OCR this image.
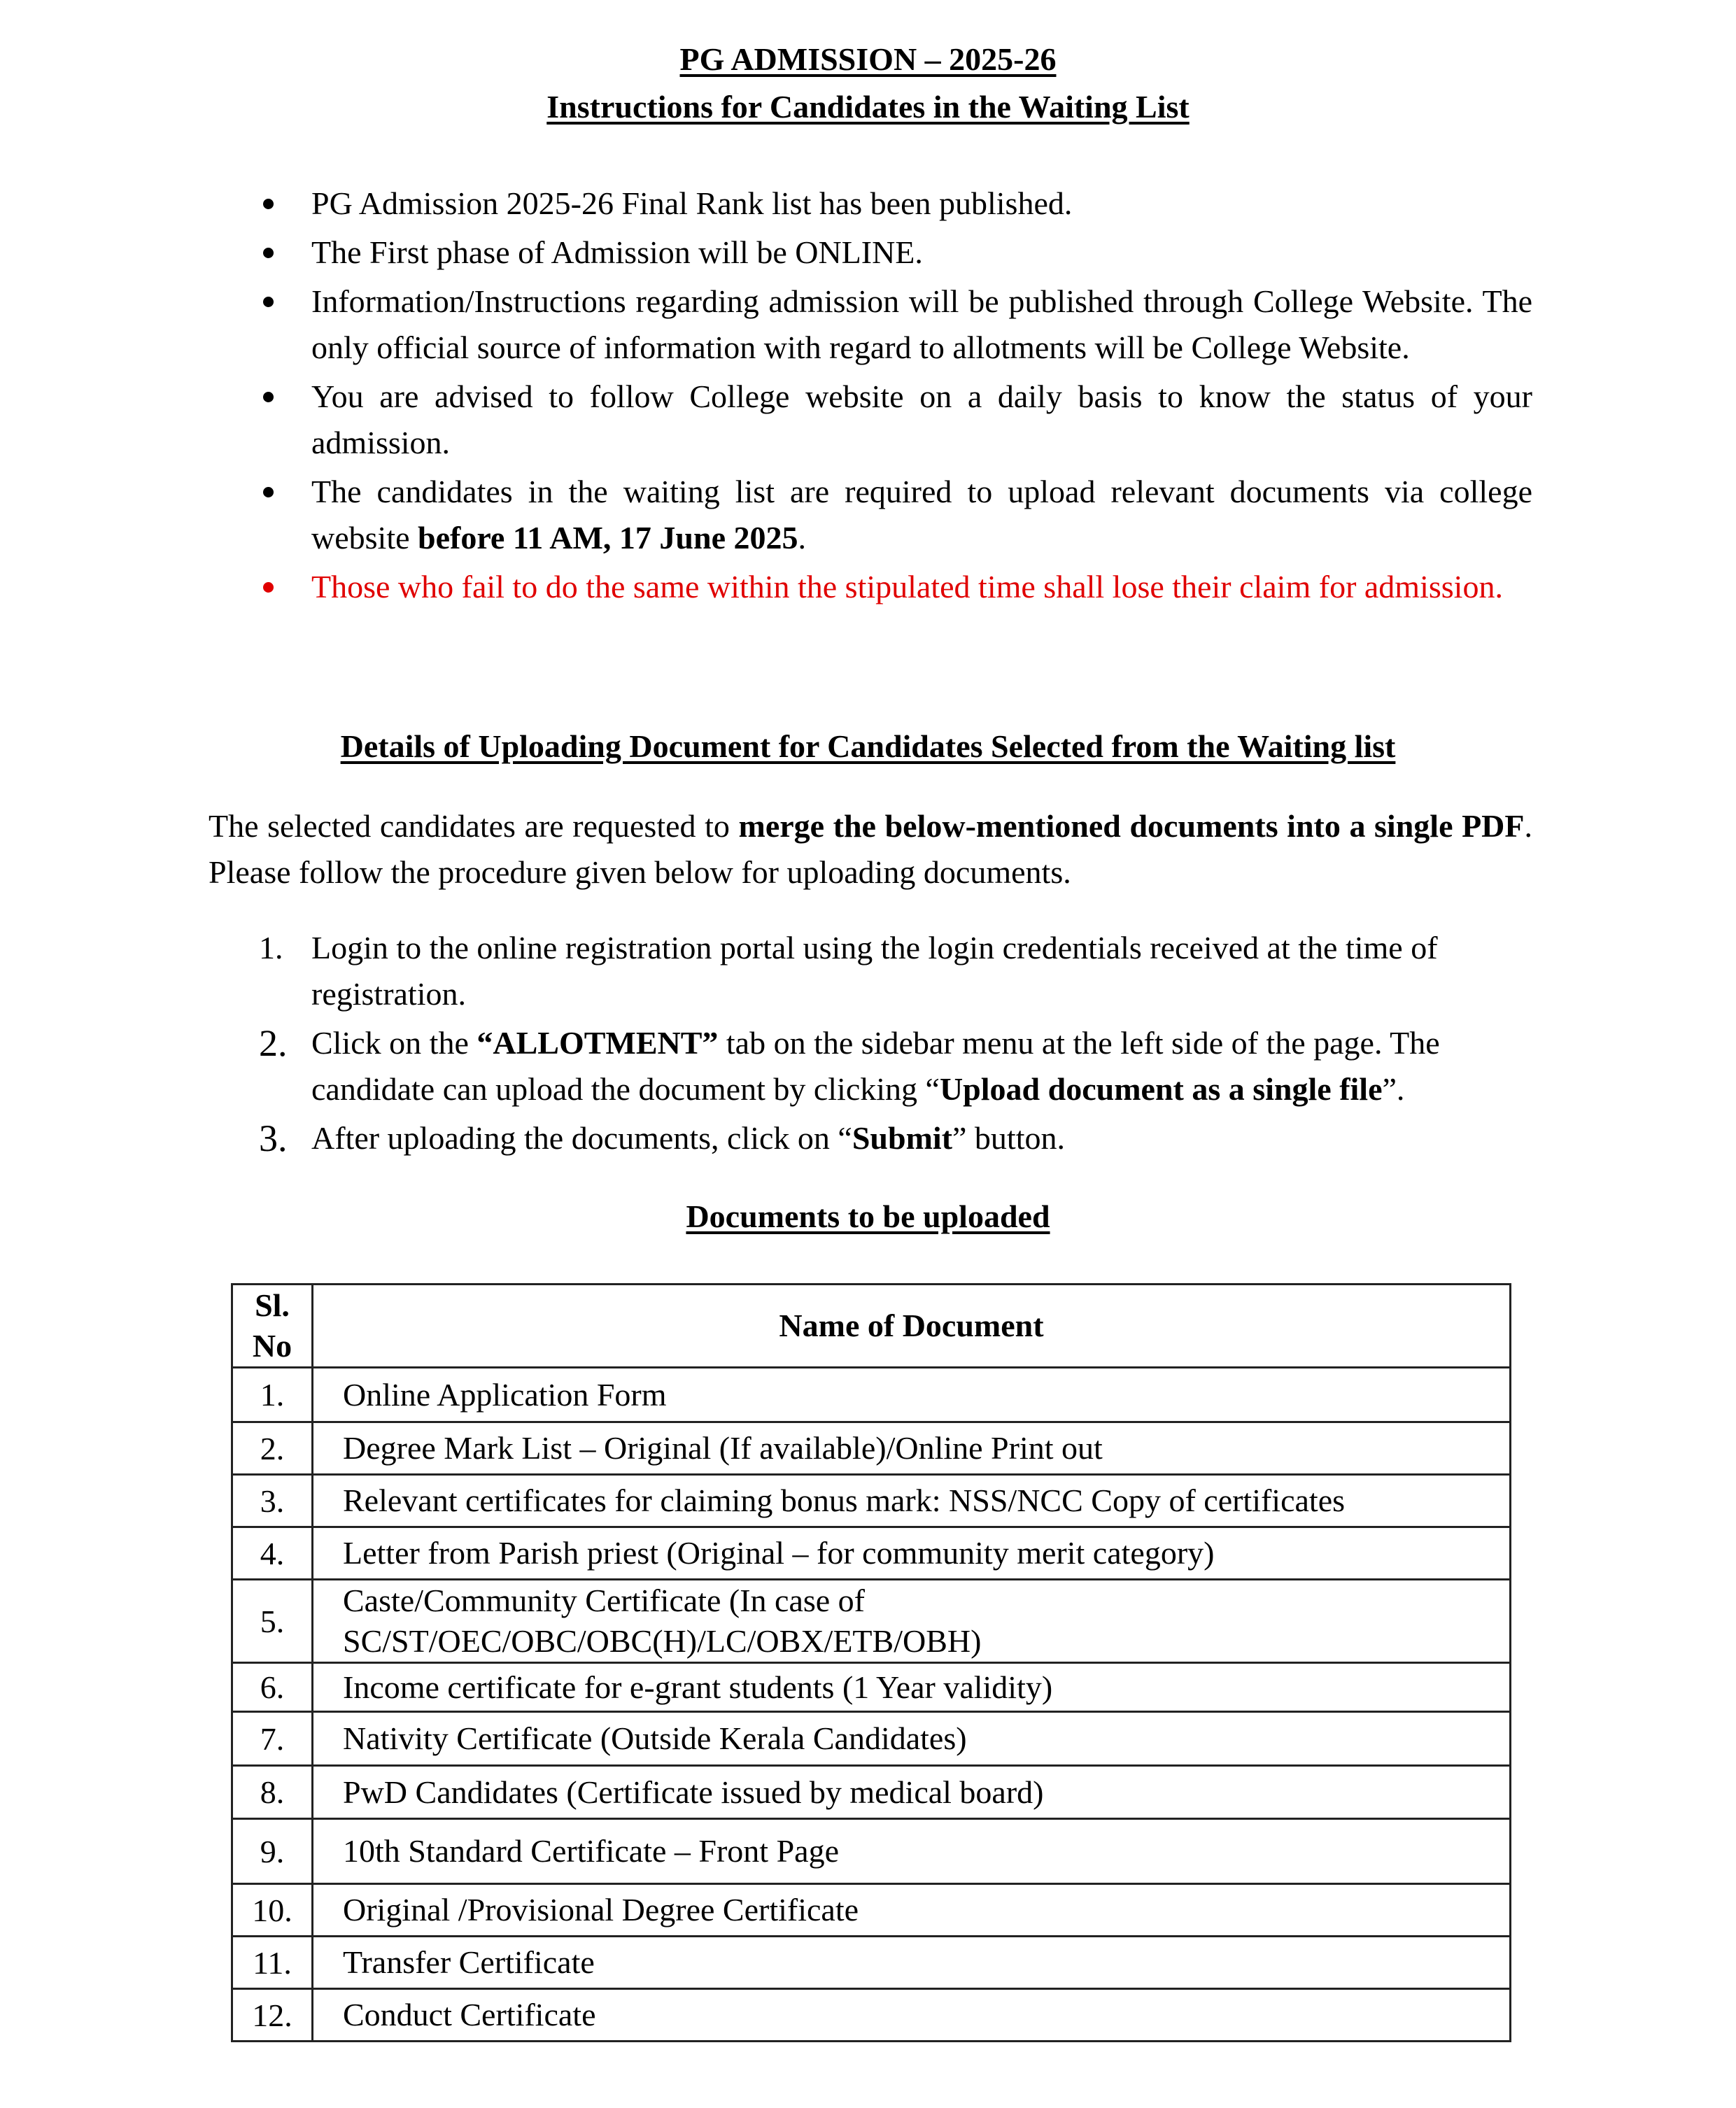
PG ADMISSION – 2025-26
Instructions for Candidates in the Waiting List
PG Admission 2025-26 Final Rank list has been published.
The First phase of Admission will be ONLINE.
Information/Instructions regarding admission will be published through College Website. The only official source of information with regard to allotments will be College Website.
You are advised to follow College website on a daily basis to know the status of your admission.
The candidates in the waiting list are required to upload relevant documents via college website before 11 AM, 17 June 2025.
Those who fail to do the same within the stipulated time shall lose their claim for admission.
Details of Uploading Document for Candidates Selected from the Waiting list
The selected candidates are requested to merge the below-mentioned documents into a single PDF. Please follow the procedure given below for uploading documents.
1. Login to the online registration portal using the login credentials received at the time of registration.
2. Click on the “ALLOTMENT” tab on the sidebar menu at the left side of the page. The candidate can upload the document by clicking “Upload document as a single file”.
3. After uploading the documents, click on “Submit” button.
Documents to be uploaded
Sl.
No	Name of Document
1.	Online Application Form
2.	Degree Mark List – Original (If available)/Online Print out
3.	Relevant certificates for claiming bonus mark: NSS/NCC Copy of certificates
4.	Letter from Parish priest (Original – for community merit category)
5.	Caste/Community Certificate (In case of
SC/ST/OEC/OBC/OBC(H)/LC/OBX/ETB/OBH)
6.	Income certificate for e-grant students (1 Year validity)
7.	Nativity Certificate (Outside Kerala Candidates)
8.	PwD Candidates (Certificate issued by medical board)
9.	10th Standard Certificate – Front Page
10.	Original /Provisional Degree Certificate
11.	Transfer Certificate
12.	Conduct Certificate
